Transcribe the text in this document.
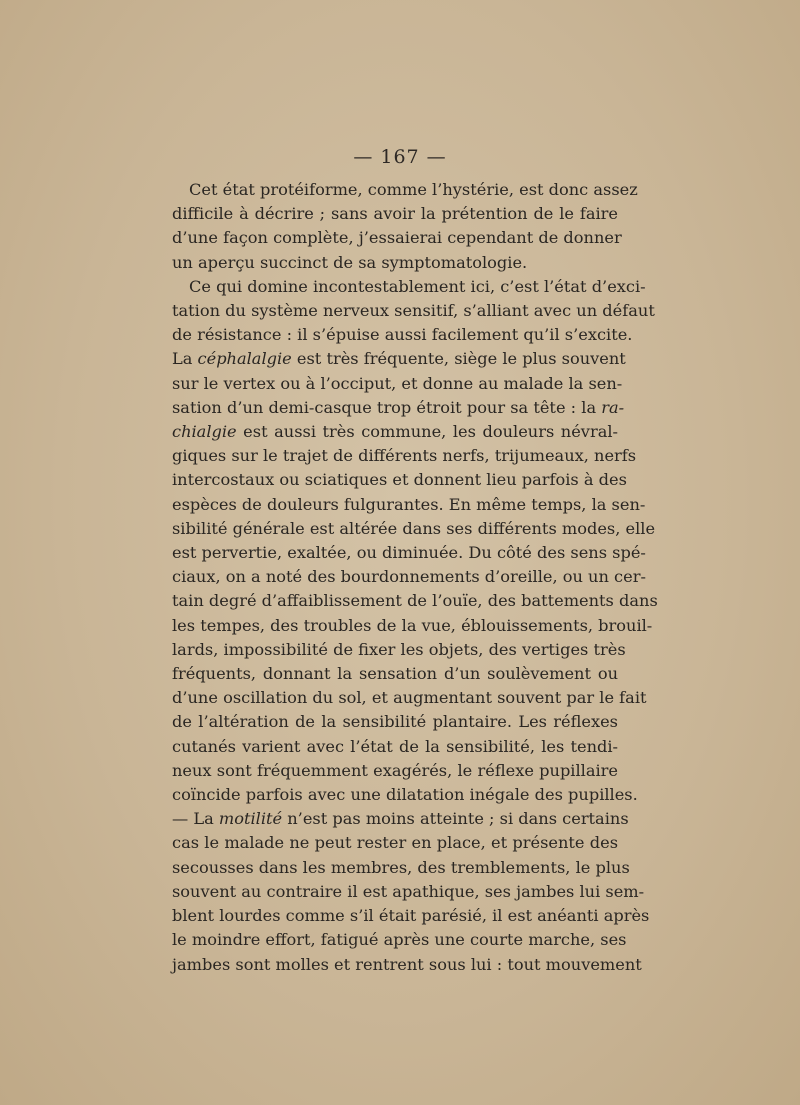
— 167 —
Cet état protéiforme, comme l’hystérie, est donc assez
difficile à décrire ; sans avoir la prétention de le faire
d’une façon complète, j’essaierai cependant de donner
un aperçu succinct de sa symptomatologie.
Ce qui domine incontestablement ici, c’est l’état d’exci-
tation du système nerveux sensitif, s’alliant avec un défaut
de résistance : il s’épuise aussi facilement qu’il s’excite.
La céphalalgie est très fréquente, siège le plus souvent
sur le vertex ou à l’occiput, et donne au malade la sen-
sation d’un demi-casque trop étroit pour sa tête : la ra-
chialgie est aussi très commune, les douleurs névral-
giques sur le trajet de différents nerfs, trijumeaux, nerfs
intercostaux ou sciatiques et donnent lieu parfois à des
espèces de douleurs fulgurantes. En même temps, la sen-
sibilité générale est altérée dans ses différents modes, elle
est pervertie, exaltée, ou diminuée. Du côté des sens spé-
ciaux, on a noté des bourdonnements d’oreille, ou un cer-
tain degré d’affaiblissement de l’ouïe, des battements dans
les tempes, des troubles de la vue, éblouissements, brouil-
lards, impossibilité de fixer les objets, des vertiges très
fréquents, donnant la sensation d’un soulèvement ou
d’une oscillation du sol, et augmentant souvent par le fait
de l’altération de la sensibilité plantaire. Les réflexes
cutanés varient avec l’état de la sensibilité, les tendi-
neux sont fréquemment exagérés, le réflexe pupillaire
coïncide parfois avec une dilatation inégale des pupilles.
— La motilité n’est pas moins atteinte ; si dans certains
cas le malade ne peut rester en place, et présente des
secousses dans les membres, des tremblements, le plus
souvent au contraire il est apathique, ses jambes lui sem-
blent lourdes comme s’il était parésié, il est anéanti après
le moindre effort, fatigué après une courte marche, ses
jambes sont molles et rentrent sous lui : tout mouvement
